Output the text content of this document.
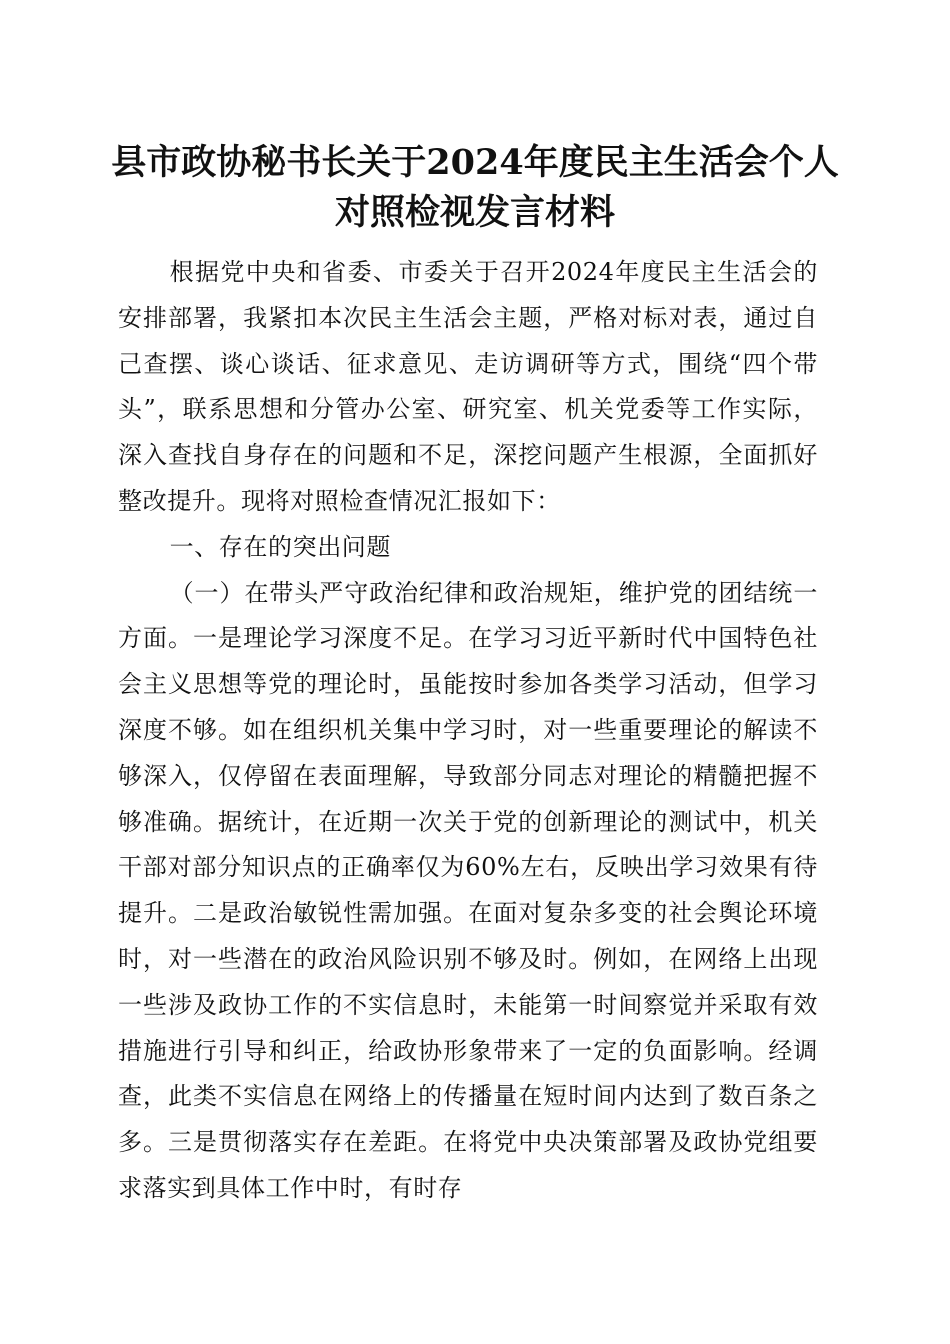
县市政协秘书长关于2024年度民主生活会个人对照检视发言材料

根据党中央和省委、市委关于召开2024年度民主生活会的安排部署，我紧扣本次民主生活会主题，严格对标对表，通过自己查摆、谈心谈话、征求意见、走访调研等方式，围绕“四个带头”，联系思想和分管办公室、研究室、机关党委等工作实际，深入查找自身存在的问题和不足，深挖问题产生根源，全面抓好整改提升。现将对照检查情况汇报如下：

一、存在的突出问题

（一）在带头严守政治纪律和政治规矩，维护党的团结统一方面。一是理论学习深度不足。在学习习近平新时代中国特色社会主义思想等党的理论时，虽能按时参加各类学习活动，但学习深度不够。如在组织机关集中学习时，对一些重要理论的解读不够深入，仅停留在表面理解，导致部分同志对理论的精髓把握不够准确。据统计，在近期一次关于党的创新理论的测试中，机关干部对部分知识点的正确率仅为60%左右，反映出学习效果有待提升。二是政治敏锐性需加强。在面对复杂多变的社会舆论环境时，对一些潜在的政治风险识别不够及时。例如，在网络上出现一些涉及政协工作的不实信息时，未能第一时间察觉并采取有效措施进行引导和纠正，给政协形象带来了一定的负面影响。经调查，此类不实信息在网络上的传播量在短时间内达到了数百条之多。三是贯彻落实存在差距。在将党中央决策部署及政协党组要求落实到具体工作中时，有时存
